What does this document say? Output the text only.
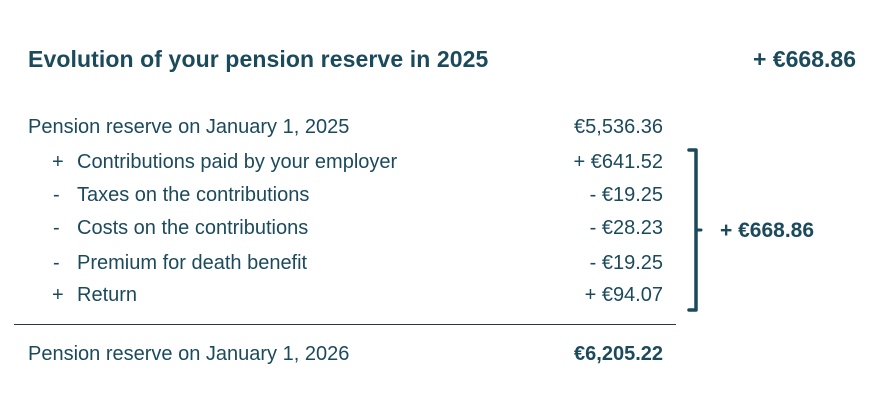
Evolution of your pension reserve in 2025	+ €668.86
Pension reserve on January 1, 2025	€5,536.36
+ Contributions paid by your employer	+ €641.52
- Taxes on the contributions	- €19.25
- Costs on the contributions	- €28.23
- Premium for death benefit	- €19.25
+ Return	+ €94.07
+ €668.86
Pension reserve on January 1, 2026	€6,205.22
